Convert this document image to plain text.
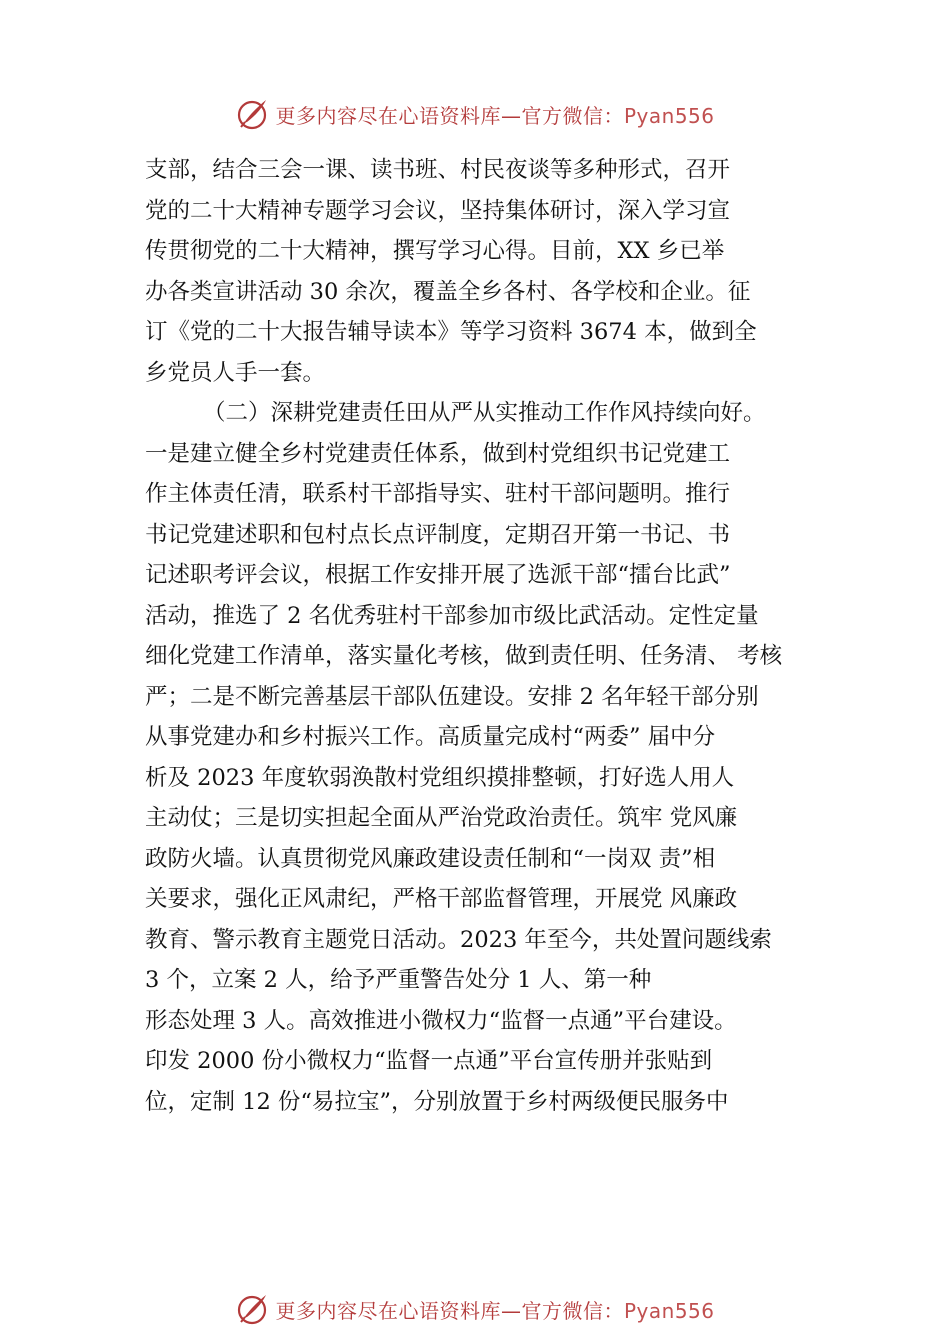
更多内容尽在心语资料库—官方微信：Pyan556
支部，结合三会一课、读书班、村民夜谈等多种形式，召开
党的二十大精神专题学习会议，坚持集体研讨，深入学习宣
传贯彻党的二十大精神，撰写学习心得。目前，XX 乡已举
办各类宣讲活动 30 余次，覆盖全乡各村、各学校和企业。征
订《党的二十大报告辅导读本》等学习资料 3674 本，做到全
乡党员人手一套。
（二）深耕党建责任田从严从实推动工作作风持续向好。
一是建立健全乡村党建责任体系，做到村党组织书记党建工
作主体责任清，联系村干部指导实、驻村干部问题明。推行
书记党建述职和包村点长点评制度，定期召开第一书记、书
记述职考评会议，根据工作安排开展了选派干部“擂台比武”
活动，推选了 2 名优秀驻村干部参加市级比武活动。定性定量
细化党建工作清单，落实量化考核，做到责任明、任务清、 考核
严；二是不断完善基层干部队伍建设。安排 2 名年轻干部分别
从事党建办和乡村振兴工作。高质量完成村“两委” 届中分
析及 2023 年度软弱涣散村党组织摸排整顿，打好选人用人
主动仗；三是切实担起全面从严治党政治责任。筑牢 党风廉
政防火墙。认真贯彻党风廉政建设责任制和“一岗双 责”相
关要求，强化正风肃纪，严格干部监督管理，开展党 风廉政
教育、警示教育主题党日活动。2023 年至今，共处置问题线索
3 个，立案 2 人，给予严重警告处分 1 人、第一种
形态处理 3 人。高效推进小微权力“监督一点通”平台建设。
印发 2000 份小微权力“监督一点通”平台宣传册并张贴到
位，定制 12 份“易拉宝”，分别放置于乡村两级便民服务中
更多内容尽在心语资料库—官方微信：Pyan556
